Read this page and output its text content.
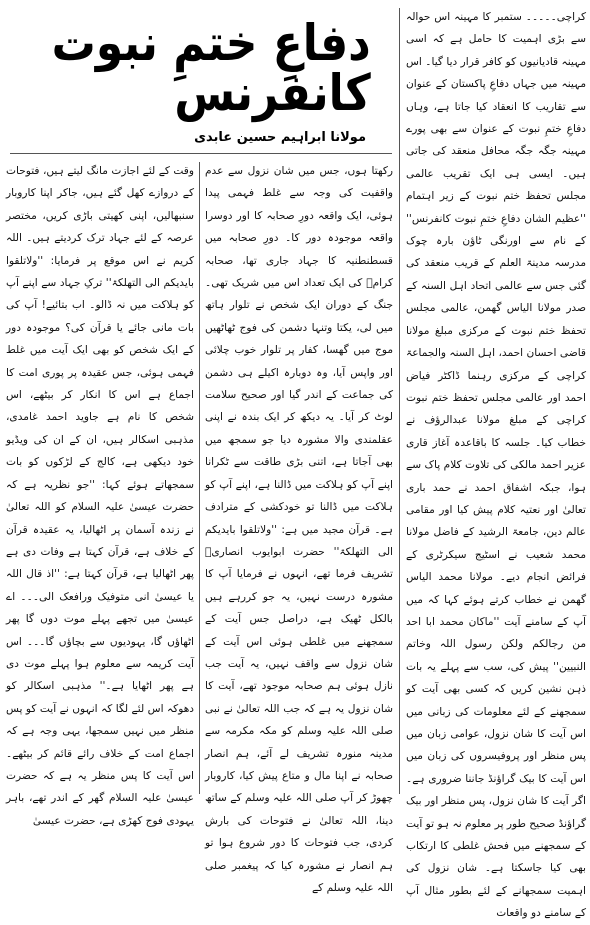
دفاعِ ختمِ نبوت کانفرنس
مولانا ابراہیم حسین عابدی

کراچی۔۔۔۔۔ ستمبر کا مہینہ اس حوالہ سے بڑی اہمیت کا حامل ہے کہ اسی مہینہ قادیانیوں کو کافر قرار دیا گیا۔ اس مہینہ میں جہاں دفاعِ پاکستان کے عنوان سے تقاریب کا انعقاد کیا جاتا ہے، وہاں دفاعِ ختمِ نبوت کے عنوان سے بھی پورے مہینہ جگہ جگہ محافل منعقد کی جاتی ہیں۔ ایسی ہی ایک تقریب عالمی مجلس تحفظ ختم نبوت کے زیر اہتمام ''عظیم الشان دفاعِ ختمِ نبوت کانفرنس'' کے نام سے اورنگی ٹاؤن بارہ چوک مدرسہ مدینۃ العلم کے قریب منعقد کی گئی جس سے عالمی اتحاد اہل السنہ کے صدر مولانا الیاس گھمن، عالمی مجلس تحفظ ختم نبوت کے مرکزی مبلغ مولانا قاضی احسان احمد، اہل السنہ والجماعۃ کراچی کے مرکزی رہنما ڈاکٹر فیاض احمد اور عالمی مجلس تحفظ ختم نبوت کراچی کے مبلغ مولانا عبدالرؤف نے خطاب کیا۔ جلسہ کا باقاعدہ آغاز قاری عزیر احمد مالکی کی تلاوت کلام پاک سے ہوا، جبکہ اشفاق احمد نے حمد باری تعالیٰ اور نعتیہ کلام پیش کیا اور مقامی عالم دین، جامعۃ الرشید کے فاضل مولانا محمد شعیب نے اسٹیج سیکرٹری کے فرائض انجام دیے۔ مولانا محمد الیاس گھمن نے خطاب کرتے ہوئے کہا کہ میں آپ کے سامنے آیت ''ماکان محمد ابا احد من رجالکم ولکن رسول اللہ وخاتم النبیین'' پیش کی، سب سے پہلے یہ بات ذہن نشین کریں کہ کسی بھی آیت کو سمجھنے کے لئے معلومات کی زبانی میں اس آیت کا شان نزول، عوامی زبان میں پس منظر اور پروفیسروں کی زبان میں اس آیت کا بیک گراؤنڈ جاننا ضروری ہے۔ اگر آیت کا شان نزول، پس منظر اور بیک گراؤنڈ صحیح طور پر معلوم نہ ہو تو آیت کے سمجھنے میں فحش غلطی کا ارتکاب بھی کیا جاسکتا ہے۔ شان نزول کی اہمیت سمجھانے کے لئے بطور مثال آپ کے سامنے دو واقعات

رکھتا ہوں، جس میں شان نزول سے عدم واقفیت کی وجہ سے غلط فہمی پیدا ہوئی، ایک واقعہ دورِ صحابہ کا اور دوسرا واقعہ موجودہ دور کا۔ دورِ صحابہ میں قسطنطنیہ کا جہاد جاری تھا، صحابہ کرامؓ کی ایک تعداد اس میں شریک تھی۔ جنگ کے دوران ایک شخص نے تلوار ہاتھ میں لی، یکتا وتنہا دشمن کی فوج ٹھاٹھیں موج میں گھسا، کفار پر تلوار خوب چلائی اور واپس آیا، وہ دوبارہ اکیلے ہی دشمن کی جماعت کے اندر گیا اور صحیح سلامت لوٹ کر آیا۔ یہ دیکھ کر ایک بندہ نے اپنی عقلمندی والا مشورہ دیا جو سمجھ میں بھی آجاتا ہے، اتنی بڑی طاقت سے ٹکرانا اپنے آپ کو ہلاکت میں ڈالنا ہے، اپنے آپ کو ہلاکت میں ڈالنا تو خودکشی کے مترادف ہے۔ قرآن مجید میں ہے: ''ولاتلقوا بایدیکم الی التھلکۃ'' حضرت ابوایوب انصاریؓ تشریف فرما تھے، انہوں نے فرمایا آپ کا مشورہ درست نہیں، یہ جو کررہے ہیں بالکل ٹھیک ہے، دراصل جس آیت کے سمجھنے میں غلطی ہوئی اس آیت کے شان نزول سے واقف نہیں، یہ آیت جب نازل ہوئی ہم صحابہ موجود تھے، آیت کا شان نزول یہ ہے کہ جب اللہ تعالیٰ نے نبی صلی اللہ علیہ وسلم کو مکہ مکرمہ سے مدینہ منورہ تشریف لے آئے، ہم انصار صحابہ نے اپنا مال و متاع پیش کیا، کاروبار چھوڑ کر آپ صلی اللہ علیہ وسلم کے ساتھ دینا، اللہ تعالیٰ نے فتوحات کی بارش کردی، جب فتوحات کا دور شروع ہوا تو ہم انصار نے مشورہ کیا کہ پیغمبر صلی اللہ علیہ وسلم کے

وقت کے لئے اجازت مانگ لیتے ہیں، فتوحات کے دروازے کھل گئے ہیں، جاکر اپنا کاروبار سنبھالیں، اپنی کھیتی باڑی کریں، مختصر عرصہ کے لئے جہاد ترک کردیتے ہیں۔ اللہ کریم نے اس موقع پر فرمایا: ''ولاتلقوا بایدیکم الی التھلکۃ'' ترکِ جہاد سے اپنے آپ کو ہلاکت میں نہ ڈالو۔ اب بتائیے! آپ کی بات مانی جائے یا قرآن کی؟ موجودہ دور کے ایک شخص کو بھی ایک آیت میں غلط فہمی ہوئی، جس عقیدہ پر پوری امت کا اجماع ہے اس کا انکار کر بیٹھے، اس شخص کا نام ہے جاوید احمد غامدی، مذہبی اسکالر ہیں، ان کے ان کی ویڈیو خود دیکھی ہے، کالج کے لڑکوں کو بات سمجھاتے ہوئے کہا: ''جو نظریہ ہے کہ حضرت عیسیٰ علیہ السلام کو اللہ تعالیٰ نے زندہ آسمان پر اٹھالیا، یہ عقیدہ قرآن کے خلاف ہے، قرآن کہتا ہے وفات دی ہے پھر اٹھالیا ہے، قرآن کہتا ہے: ''اذ قال اللہ یا عیسیٰ انی متوفیک ورافعک الی۔۔۔ اے عیسیٰ میں تجھے پہلے موت دوں گا پھر اٹھاؤں گا، یہودیوں سے بچاؤں گا۔۔۔ اس آیت کریمہ سے معلوم ہوا پہلے موت دی ہے پھر اٹھایا ہے۔'' مذہبی اسکالر کو دھوکہ اس لئے لگا کہ انہوں نے آیت کو پس منظر میں نہیں سمجھا، یہی وجہ ہے کہ اجماع امت کے خلاف رائے قائم کر بیٹھے۔ اس آیت کا پس منظر یہ ہے کہ حضرت عیسیٰ علیہ السلام گھر کے اندر تھے، باہر یہودی فوج کھڑی ہے، حضرت عیسیٰ
